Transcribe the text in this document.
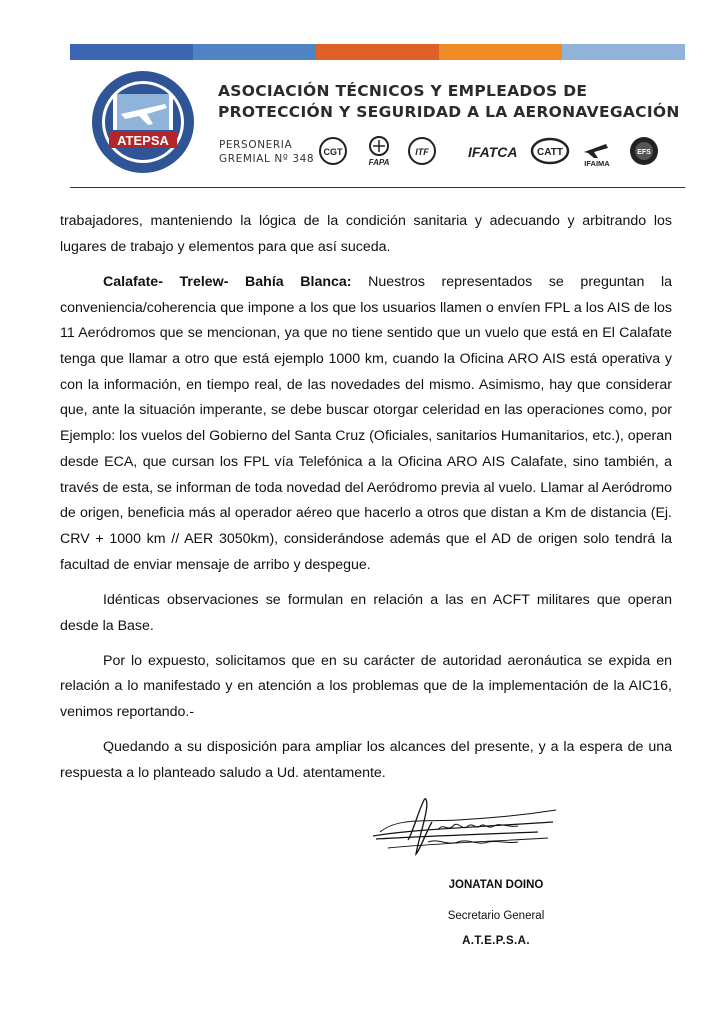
ATEPSA
ASOCIACIÓN TÉCNICOS Y EMPLEADOS DE
PROTECCIÓN Y SEGURIDAD A LA AERONAVEGACIÓN
PERSONERIA
GREMIAL Nº 348
CGT
FAPA
ITF	IFATCA CATT
IFAIMA
EFS

trabajadores, manteniendo la lógica de la condición sanitaria y adecuando y arbitrando los lugares de trabajo y elementos para que así suceda.

Calafate- Trelew- Bahía Blanca: Nuestros representados se preguntan la conveniencia/coherencia que impone a los que los usuarios llamen o envíen FPL a los AIS de los 11 Aeródromos que se mencionan, ya que no tiene sentido que un vuelo que está en El Calafate tenga que llamar a otro que está ejemplo 1000 km, cuando la Oficina ARO AIS está operativa y con la información, en tiempo real, de las novedades del mismo. Asimismo, hay que considerar que, ante la situación imperante, se debe buscar otorgar celeridad en las operaciones como, por Ejemplo: los vuelos del Gobierno del Santa Cruz (Oficiales, sanitarios Humanitarios, etc.), operan desde ECA, que cursan los FPL vía Telefónica a la Oficina ARO AIS Calafate, sino también, a través de esta, se informan de toda novedad del Aeródromo previa al vuelo. Llamar al Aeródromo de origen, beneficia más al operador aéreo que hacerlo a otros que distan a Km de distancia (Ej. CRV + 1000 km // AER 3050km), considerándose además que el AD de origen solo tendrá la facultad de enviar mensaje de arribo y despegue.

Idénticas observaciones se formulan en relación a las en ACFT militares que operan desde la Base.

Por lo expuesto, solicitamos que en su carácter de autoridad aeronáutica se expida en relación a lo manifestado y en atención a los problemas que de la implementación de la AIC16, venimos reportando.-

Quedando a su disposición para ampliar los alcances del presente, y a la espera de una respuesta a lo planteado saludo a Ud. atentamente.

JONATAN DOINO
Secretario General
A.T.E.P.S.A.
